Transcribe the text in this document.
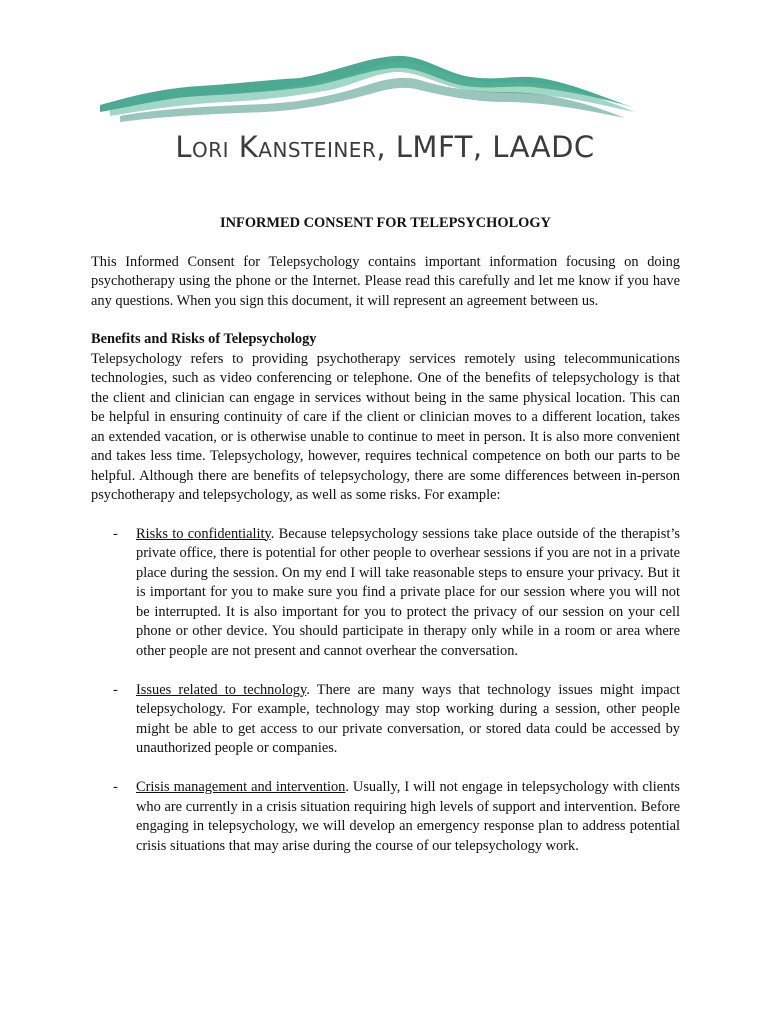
Lori Kansteiner, LMFT, LAADC
INFORMED CONSENT FOR TELEPSYCHOLOGY

This Informed Consent for Telepsychology contains important information focusing on doing psychotherapy using the phone or the Internet. Please read this carefully and let me know if you have any questions. When you sign this document, it will represent an agreement between us.

Benefits and Risks of Telepsychology

Telepsychology refers to providing psychotherapy services remotely using telecommunications technologies, such as video conferencing or telephone. One of the benefits of telepsychology is that the client and clinician can engage in services without being in the same physical location. This can be helpful in ensuring continuity of care if the client or clinician moves to a different location, takes an extended vacation, or is otherwise unable to continue to meet in person. It is also more convenient and takes less time. Telepsychology, however, requires technical competence on both our parts to be helpful. Although there are benefits of telepsychology, there are some differences between in-person psychotherapy and telepsychology, as well as some risks. For example:

- Risks to confidentiality. Because telepsychology sessions take place outside of the therapist’s private office, there is potential for other people to overhear sessions if you are not in a private place during the session. On my end I will take reasonable steps to ensure your privacy. But it is important for you to make sure you find a private place for our session where you will not be interrupted. It is also important for you to protect the privacy of our session on your cell phone or other device. You should participate in therapy only while in a room or area where other people are not present and cannot overhear the conversation.
- Issues related to technology. There are many ways that technology issues might impact telepsychology. For example, technology may stop working during a session, other people might be able to get access to our private conversation, or stored data could be accessed by unauthorized people or companies.
- Crisis management and intervention. Usually, I will not engage in telepsychology with clients who are currently in a crisis situation requiring high levels of support and intervention. Before engaging in telepsychology, we will develop an emergency response plan to address potential crisis situations that may arise during the course of our telepsychology work.
